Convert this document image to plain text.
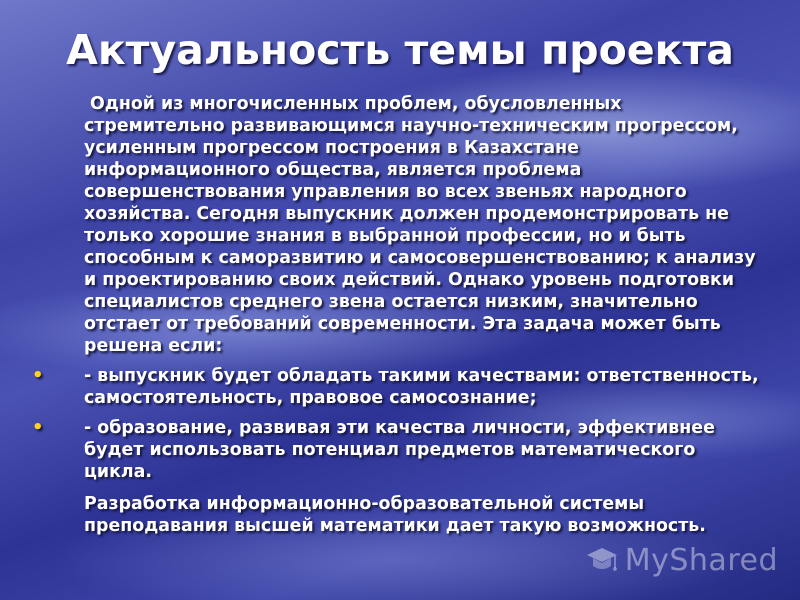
Актуальность темы проекта

Одной из многочисленных проблем, обусловленных стремительно развивающимся научно-техническим прогрессом, усиленным прогрессом построения в Казахстане информационного общества, является проблема совершенствования управления во всех звеньях народного хозяйства. Сегодня выпускник должен продемонстрировать не только хорошие знания в выбранной профессии, но и быть способным к саморазвитию и самосовершенствованию; к анализу и проектированию своих действий. Однако уровень подготовки специалистов среднего звена остается низким, значительно отстает от требований современности. Эта задача может быть решена если:

•	- выпускник будет обладать такими качествами: ответственность, самостоятельность, правовое самосознание;
•	- образование, развивая эти качества личности, эффективнее будет использовать потенциал предметов математического цикла.

Разработка информационно-образовательной системы преподавания высшей математики дает такую возможность.

MyShared
